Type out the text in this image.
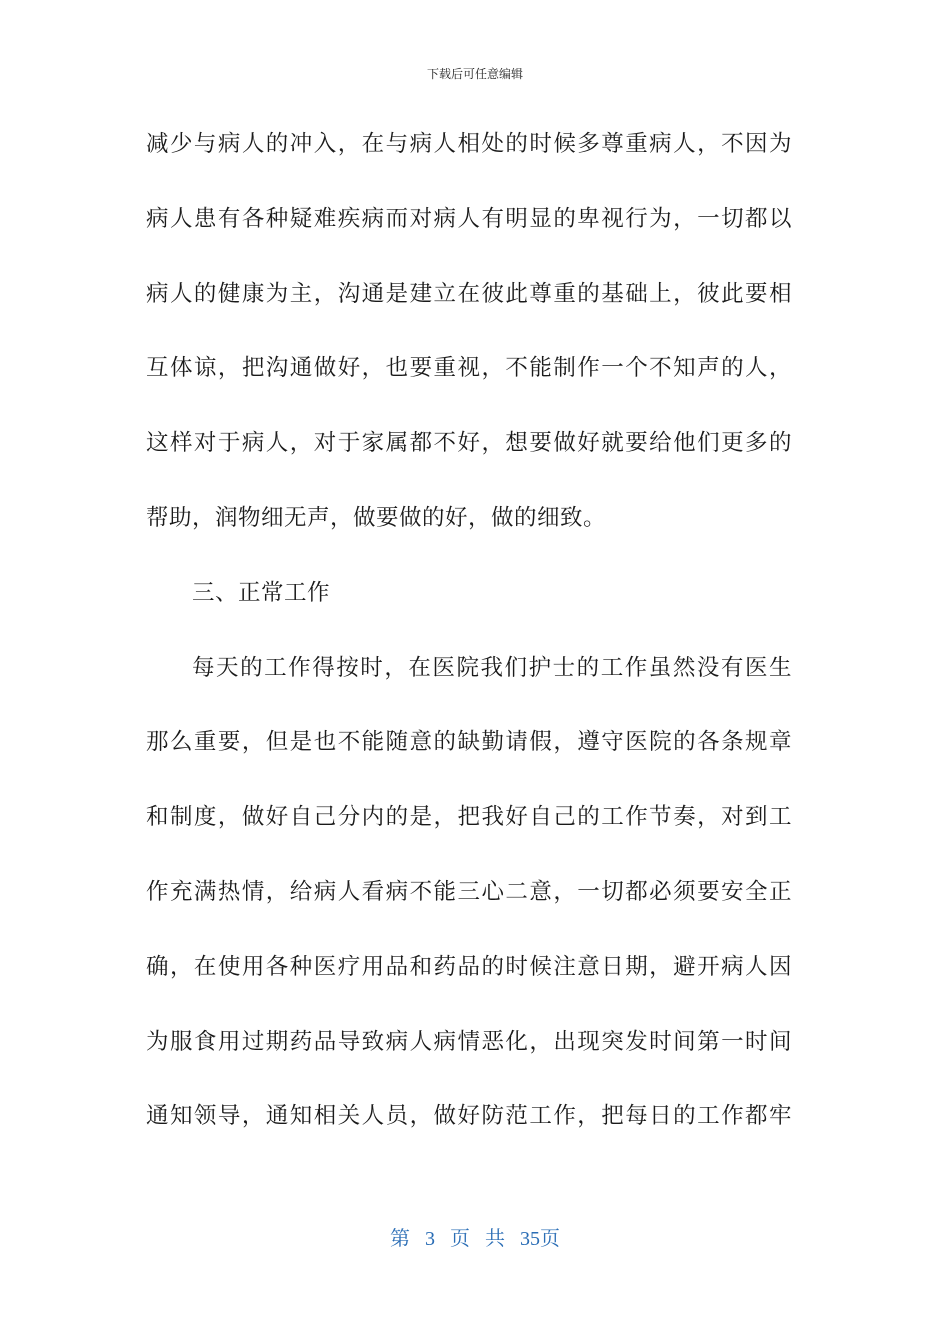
下载后可任意编辑
减少与病人的冲入，在与病人相处的时候多尊重病人，不因为
病人患有各种疑难疾病而对病人有明显的卑视行为，一切都以
病人的健康为主，沟通是建立在彼此尊重的基础上，彼此要相
互体谅，把沟通做好，也要重视，不能制作一个不知声的人，
这样对于病人，对于家属都不好，想要做好就要给他们更多的
帮助，润物细无声，做要做的好，做的细致。
三、正常工作
每天的工作得按时，在医院我们护士的工作虽然没有医生
那么重要，但是也不能随意的缺勤请假，遵守医院的各条规章
和制度，做好自己分内的是，把我好自己的工作节奏，对到工
作充满热情，给病人看病不能三心二意，一切都必须要安全正
确，在使用各种医疗用品和药品的时候注意日期，避开病人因
为服食用过期药品导致病人病情恶化，出现突发时间第一时间
通知领导，通知相关人员，做好防范工作，把每日的工作都牢
第 3 页 共 35页
